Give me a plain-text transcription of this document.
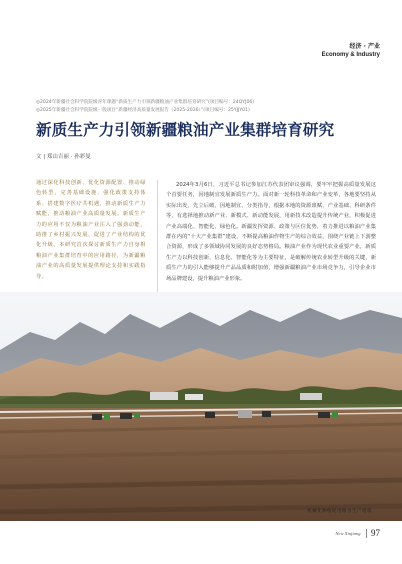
经济 · 产业
Economy & Industry
◎2024年新疆社会科学院院级青年课题“新质生产力引领新疆粮油产业集群培育研究”(项目编号：24QYJ06)
◎2025年新疆社会科学院院级一般项目“新疆经济高质量发展报告（2025-2026）”(项目编号：25YJJY01)
新质生产力引领新疆粮油产业集群培育研究
文 | 郑山吉丽 · 孙彩曼
通过深化科技创新、优化资源配置、推动绿色转型、完善基础设施、强化政策支持体系、搭建数字医疗共机遇，推动新质生产力赋能，推动粮油产业高质量发展。新质生产力的应用不仅为粮油产业注入了强劲动能，助推了乡村振兴发展，促进了产业结构的优化升级。本研究首次探讨新质生产力自身相粮油产业集群培育中的应用路径，为新疆粮油产业的高质量发展提供理论支持和实践指导。
2024年3月6日，习近平总书记参加江苏代表团审议强调，要牢牢把握高质量发展这个首要任务，因地制宜发展新质生产力。面对新一轮科技革命和产业变革，各地要坚持从实际出发，先立后破、因地制宜、分类指导，根据本地的资源禀赋、产业基础、科研条件等，有选择地推动新产业、新模式、新动能发展，用新技术改造提升传统产业，积极促进产业高端化、智能化、绿色化。新疆发挥资源、政策与区位优势，着力推进以粮油产业集群在内的“十大产业集群”建设，不断提高粮油作物生产的综合效益，围绕产业链上下游整合资源，形成了多领域协同发展的良好态势格局。粮油产业作为现代农业重要产业，新质生产力以科技创新、信息化、智能化等为主要特征，是破解传统农业转型升级的关键，新质生产力的引入能够提升产品品质和附加值，增强新疆粮油产业市场竞争力，引导企业市场品牌建设，提升粮油产业形象。
机械化种植促进粮食生产增收
New Xinjiang 97
